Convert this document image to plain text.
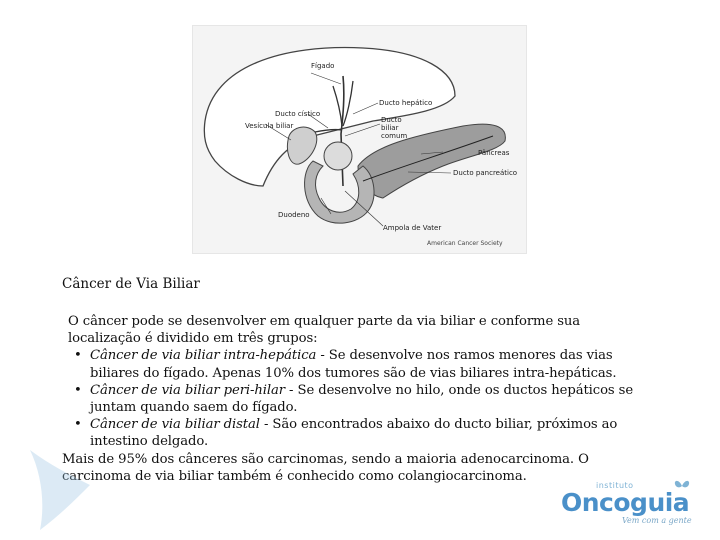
Fígado
Ducto hepático
Ducto cístico
Vesícula biliar
Ducto biliar comum
Pâncreas
Ducto pancreático
Duodeno
Ampola de Vater
American Cancer Society
Câncer de Via Biliar

O câncer pode se desenvolver em qualquer parte da via biliar e conforme sua localização é dividido em três grupos:

• Câncer de via biliar intra-hepática - Se desenvolve nos ramos menores das vias biliares do fígado. Apenas 10% dos tumores são de vias biliares intra-hepáticas.
• Câncer de via biliar peri-hilar - Se desenvolve no hilo, onde os ductos hepáticos se juntam quando saem do fígado.
• Câncer de via biliar distal - São encontrados abaixo do ducto biliar, próximos ao intestino delgado.

Mais de 95% dos cânceres são carcinomas, sendo a maioria adenocarcinoma. O carcinoma de via biliar também é conhecido como colangiocarcinoma.

instituto
Oncoguia
Vem com a gente
